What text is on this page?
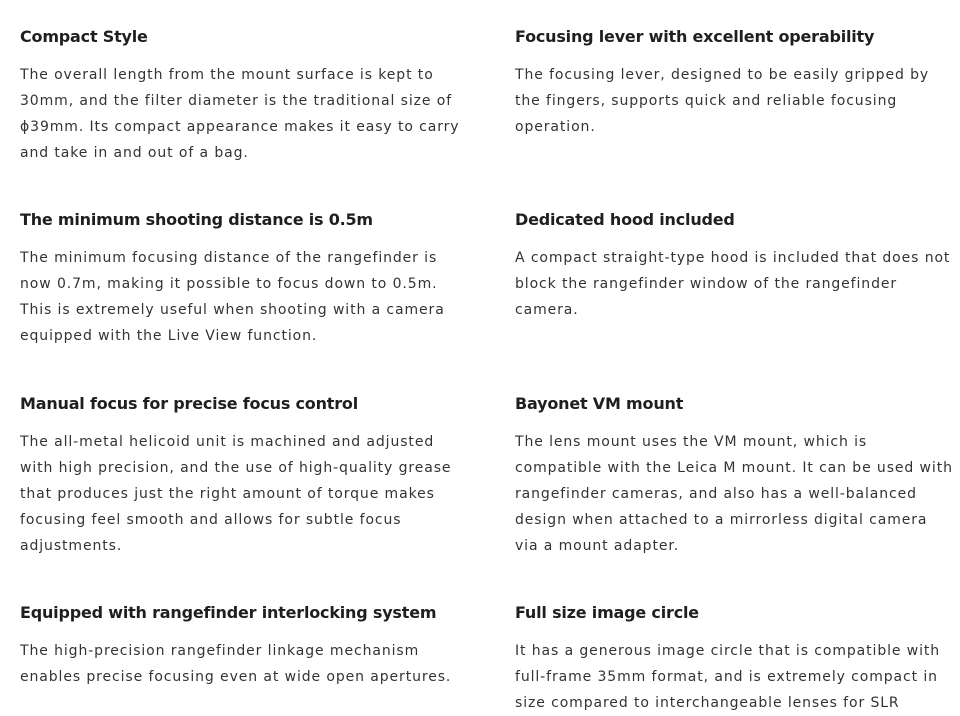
Compact Style

The overall length from the mount surface is kept to 30mm, and the filter diameter is the traditional size of ϕ39mm. Its compact appearance makes it easy to carry and take in and out of a bag.

Focusing lever with excellent operability

The focusing lever, designed to be easily gripped by the fingers, supports quick and reliable focusing operation.

The minimum shooting distance is 0.5m

The minimum focusing distance of the rangefinder is now 0.7m, making it possible to focus down to 0.5m. This is extremely useful when shooting with a camera equipped with the Live View function.

Dedicated hood included

A compact straight-type hood is included that does not block the rangefinder window of the rangefinder camera.

Manual focus for precise focus control

The all-metal helicoid unit is machined and adjusted with high precision, and the use of high-quality grease that produces just the right amount of torque makes focusing feel smooth and allows for subtle focus adjustments.

Bayonet VM mount

The lens mount uses the VM mount, which is compatible with the Leica M mount. It can be used with rangefinder cameras, and also has a well-balanced design when attached to a mirrorless digital camera via a mount adapter.

Equipped with rangefinder interlocking system

The high-precision rangefinder linkage mechanism enables precise focusing even at wide open apertures.

Full size image circle

It has a generous image circle that is compatible with full-frame 35mm format, and is extremely compact in size compared to interchangeable lenses for SLR
